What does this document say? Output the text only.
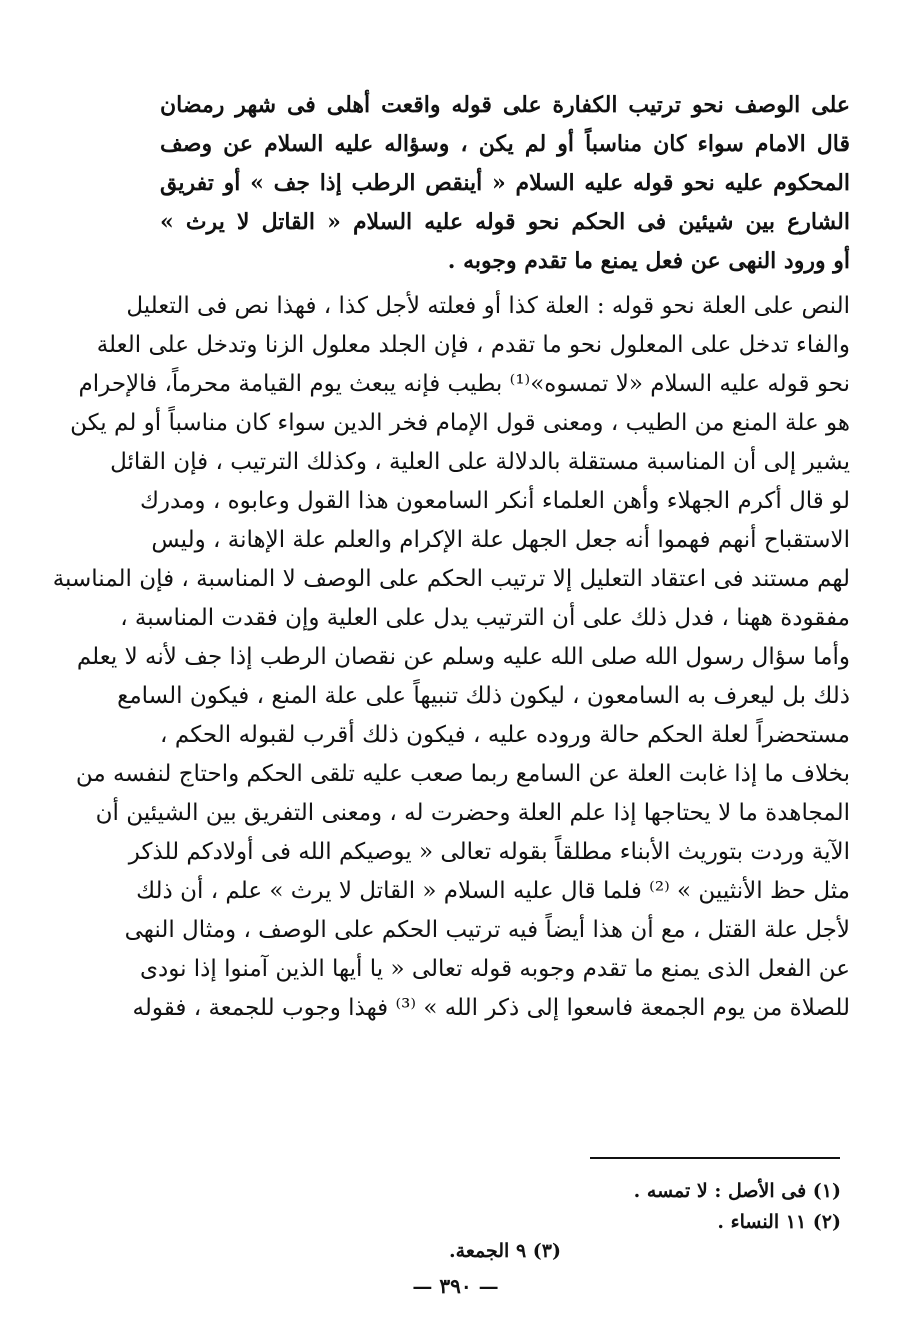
على الوصف نحو ترتيب الكفارة على قوله واقعت أهلى فى شهر رمضان
قال الامام سواء كان مناسباً أو لم يكن ، وسؤاله عليه السلام عن وصف
المحكوم عليه نحو قوله عليه السلام « أينقص الرطب إذا جف » أو تفريق
الشارع بين شيئين فى الحكم نحو قوله عليه السلام « القاتل لا يرث »
أو ورود النهى عن فعل يمنع ما تقدم وجوبه .
النص على العلة نحو قوله : العلة كذا أو فعلته لأجل كذا ، فهذا نص فى التعليل
والفاء تدخل على المعلول نحو ما تقدم ، فإن الجلد معلول الزنا وتدخل على العلة
نحو قوله عليه السلام «لا تمسوه»⁽¹⁾ بطيب فإنه يبعث يوم القيامة محرماً، فالإحرام
هو علة المنع من الطيب ، ومعنى قول الإمام فخر الدين سواء كان مناسباً أو لم يكن
يشير إلى أن المناسبة مستقلة بالدلالة على العلية ، وكذلك الترتيب ، فإن القائل
لو قال أكرم الجهلاء وأهن العلماء أنكر السامعون هذا القول وعابوه ، ومدرك
الاستقباح أنهم فهموا أنه جعل الجهل علة الإكرام والعلم علة الإهانة ، وليس
لهم مستند فى اعتقاد التعليل إلا ترتيب الحكم على الوصف لا المناسبة ، فإن المناسبة
مفقودة ههنا ، فدل ذلك على أن الترتيب يدل على العلية وإن فقدت المناسبة ،
وأما سؤال رسول الله صلى الله عليه وسلم عن نقصان الرطب إذا جف لأنه لا يعلم
ذلك بل ليعرف به السامعون ، ليكون ذلك تنبيهاً على علة المنع ، فيكون السامع
مستحضراً لعلة الحكم حالة وروده عليه ، فيكون ذلك أقرب لقبوله الحكم ،
بخلاف ما إذا غابت العلة عن السامع ربما صعب عليه تلقى الحكم واحتاج لنفسه من
المجاهدة ما لا يحتاجها إذا علم العلة وحضرت له ، ومعنى التفريق بين الشيئين أن
الآية وردت بتوريث الأبناء مطلقاً بقوله تعالى « يوصيكم الله فى أولادكم للذكر
مثل حظ الأنثيين » ⁽²⁾ فلما قال عليه السلام « القاتل لا يرث » علم ، أن ذلك
لأجل علة القتل ، مع أن هذا أيضاً فيه ترتيب الحكم على الوصف ، ومثال النهى
عن الفعل الذى يمنع ما تقدم وجوبه قوله تعالى « يا أيها الذين آمنوا إذا نودى
للصلاة من يوم الجمعة فاسعوا إلى ذكر الله » ⁽³⁾ فهذا وجوب للجمعة ، فقوله
(١) فى الأصل : لا تمسه .
(٢) ١١ النساء .
(٣) ٩ الجمعة.
— ٣٩٠ —
